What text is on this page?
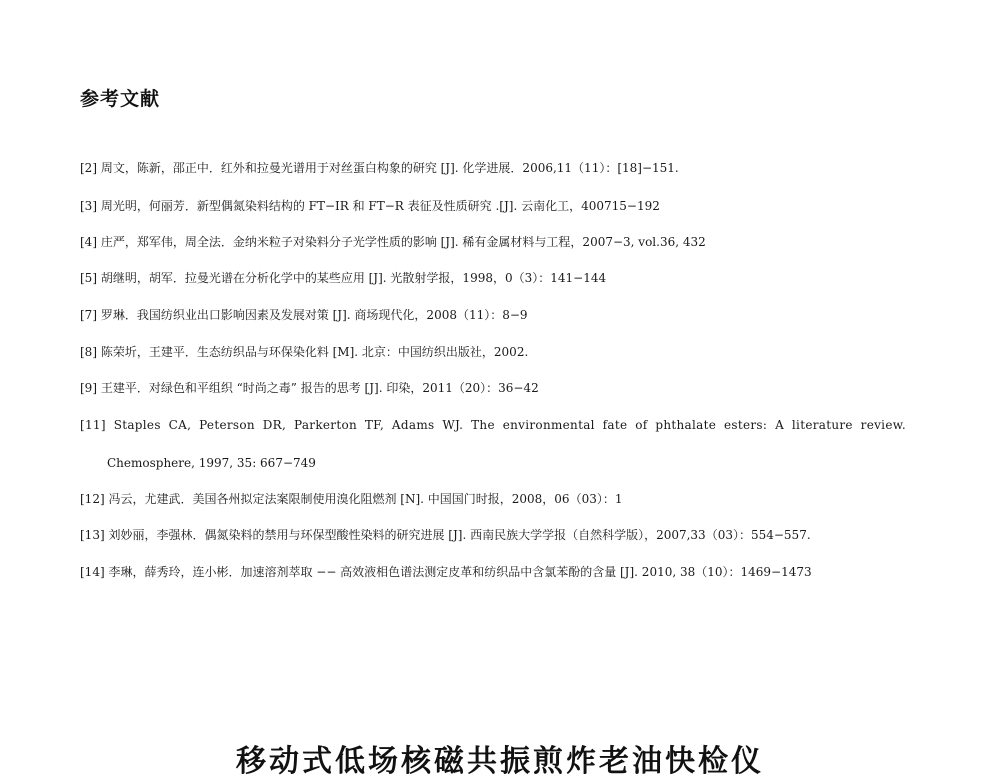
参考文献
[2] 周文，陈新，邵正中．红外和拉曼光谱用于对丝蛋白构象的研究 [J]. 化学进展．2006,11（11）：[18]−151.
[3] 周光明，何丽芳．新型偶氮染料结构的 FT−IR 和 FT−R 表征及性质研究 .[J]. 云南化工，400715−192
[4] 庄严，郑军伟，周全法．金纳米粒子对染料分子光学性质的影响 [J]. 稀有金属材料与工程，2007−3, vol.36, 432
[5] 胡继明，胡军．拉曼光谱在分析化学中的某些应用 [J]. 光散射学报，1998，0（3）：141−144
[7] 罗琳．我国纺织业出口影响因素及发展对策 [J]. 商场现代化，2008（11）：8−9
[8] 陈荣圻，王建平．生态纺织品与环保染化料 [M]. 北京：中国纺织出版社，2002.
[9] 王建平．对绿色和平组织 “时尚之毒” 报告的思考 [J]. 印染，2011（20）：36−42
[11] Staples CA, Peterson DR, Parkerton TF, Adams WJ. The environmental fate of phthalate esters: A literature review.
Chemosphere, 1997, 35: 667−749
[12] 冯云，尤建武．美国各州拟定法案限制使用溴化阻燃剂 [N]. 中国国门时报，2008，06（03）：1
[13] 刘妙丽，李强林．偶氮染料的禁用与环保型酸性染料的研究进展 [J]. 西南民族大学学报（自然科学版），2007,33（03）：554−557.
[14] 李琳，薛秀玲，连小彬．加速溶剂萃取 −− 高效液相色谱法测定皮革和纺织品中含氯苯酚的含量 [J]. 2010, 38（10）：1469−1473
移动式低场核磁共振煎炸老油快检仪
